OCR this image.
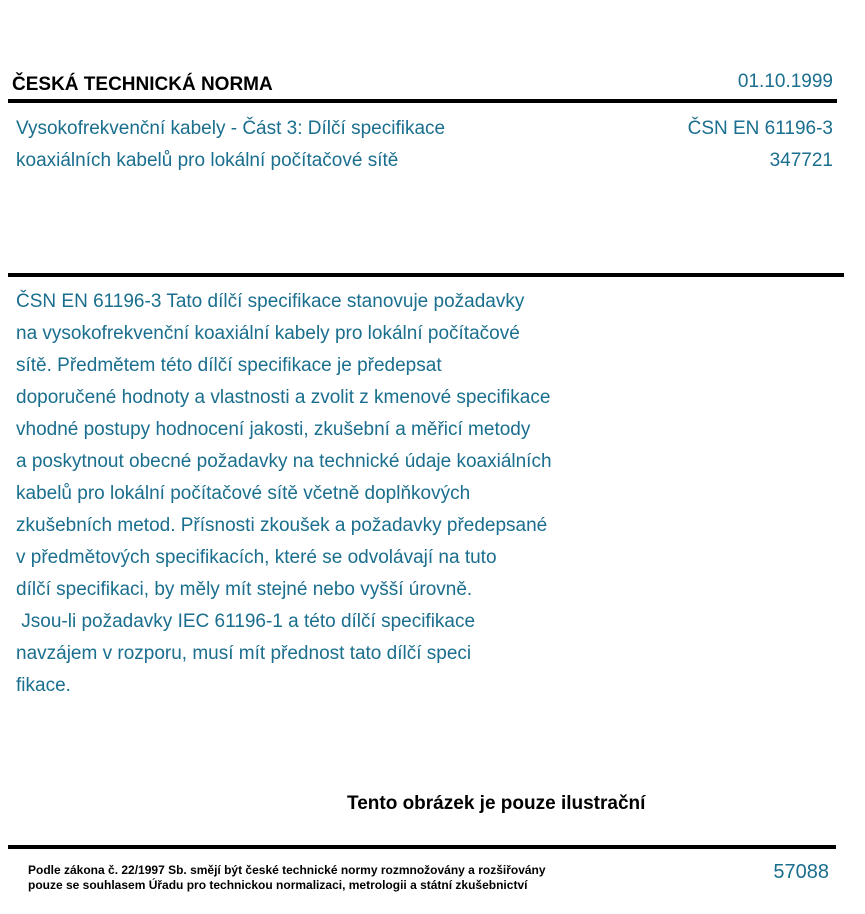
ČESKÁ TECHNICKÁ NORMA	01.10.1999
Vysokofrekvenční kabely - Část 3: Dílčí specifikace
koaxiálních kabelů pro lokální počítačové sítě
ČSN EN 61196-3
347721
ČSN EN 61196-3 Tato dílčí specifikace stanovuje požadavky
na vysokofrekvenční koaxiální kabely pro lokální počítačové
sítě. Předmětem této dílčí specifikace je předepsat
doporučené hodnoty a vlastnosti a zvolit z kmenové specifikace
vhodné postupy hodnocení jakosti, zkušební a měřicí metody
a poskytnout obecné požadavky na technické údaje koaxiálních
kabelů pro lokální počítačové sítě včetně doplňkových
zkušebních metod. Přísnosti zkoušek a požadavky předepsané
v předmětových specifikacích, které se odvolávají na tuto
dílčí specifikaci, by měly mít stejné nebo vyšší úrovně.
Jsou-li požadavky IEC 61196-1 a této dílčí specifikace
navzájem v rozporu, musí mít přednost tato dílčí speci
fikace.
Tento obrázek je pouze ilustrační
Podle zákona č. 22/1997 Sb. smějí být české technické normy rozmnožovány a rozšiřovány
pouze se souhlasem Úřadu pro technickou normalizaci, metrologii a státní zkušebnictví
57088
